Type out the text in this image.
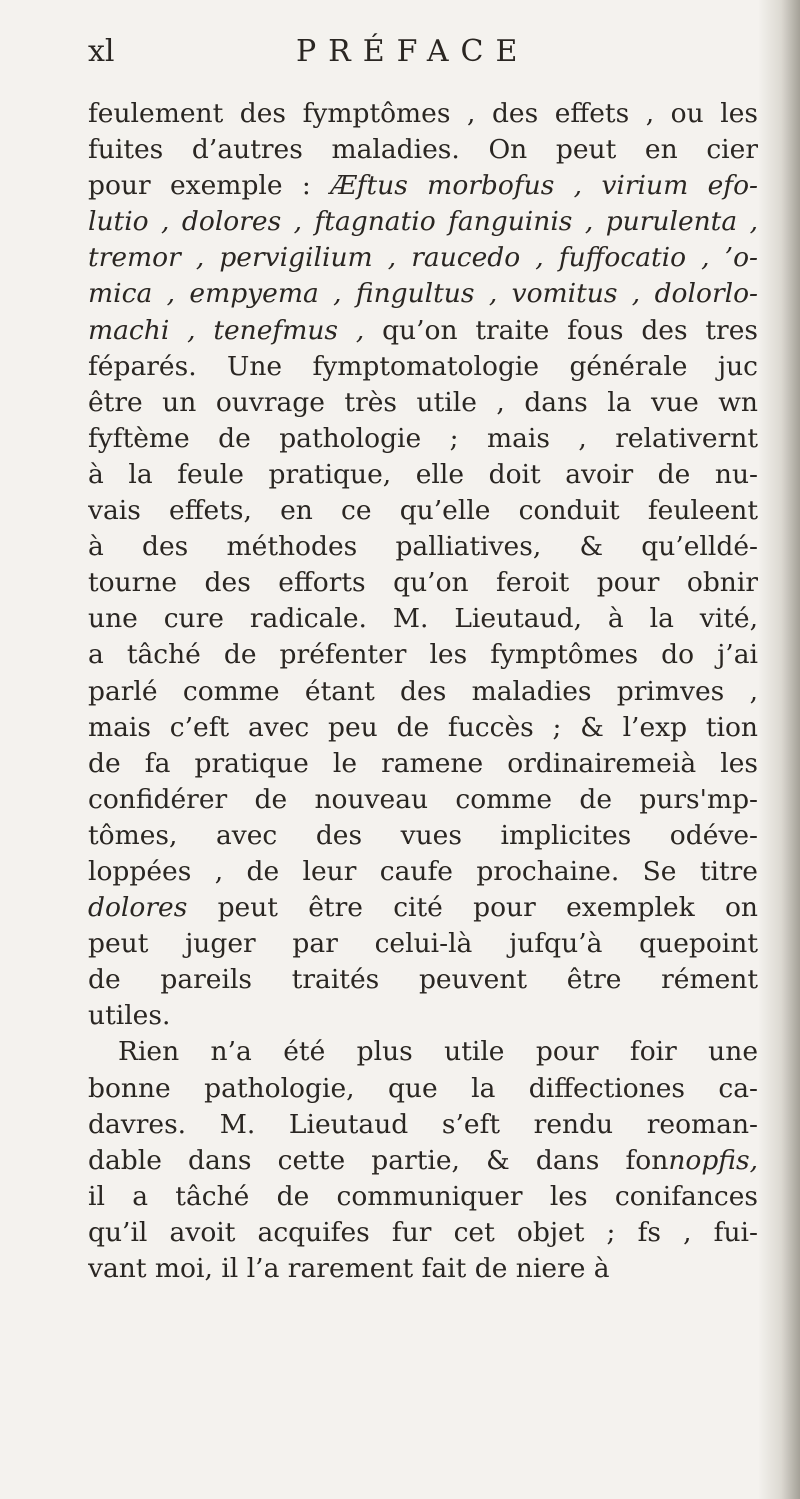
xl	PRÉFACE
feulement des fymptômes , des effets , ou les
fuites d’autres maladies. On peut en cier
pour exemple : Æftus morbofus , virium efo-
lutio , dolores , ftagnatio fanguinis , purulenta ,
tremor , pervigilium , raucedo , fuffocatio , ’o-
mica , empyema , fingultus , vomitus , dolorlo-
machi , tenefmus , qu’on traite fous des tres
féparés. Une fymptomatologie générale juc
être un ouvrage très utile , dans la vue wn
fyftème de pathologie ; mais , relativernt
à la feule pratique, elle doit avoir de nu-
vais effets, en ce qu’elle conduit feuleent
à des méthodes palliatives, & qu’elldé-
tourne des efforts qu’on feroit pour obnir
une cure radicale. M. Lieutaud, à la vité,
a tâché de préfenter les fymptômes do j’ai
parlé comme étant des maladies primves ,
mais c’eft avec peu de fuccès ; & l’exp tion
de fa pratique le ramene ordinairemeià les
confidérer de nouveau comme de purs'mp-
tômes, avec des vues implicites odéve-
loppées , de leur caufe prochaine. Se titre
dolores peut être cité pour exemplek on
peut juger par celui-là jufqu’à quepoint
de pareils traités peuvent être rément
utiles.
Rien n’a été plus utile pour foir une
bonne pathologie, que la diffectiones ca-
davres. M. Lieutaud s’eft rendu reoman-
dable dans cette partie, & dans fonnopfis,
il a tâché de communiquer les conifances
qu’il avoit acquifes fur cet objet ; fs , fui-
vant moi, il l’a rarement fait de niere à
